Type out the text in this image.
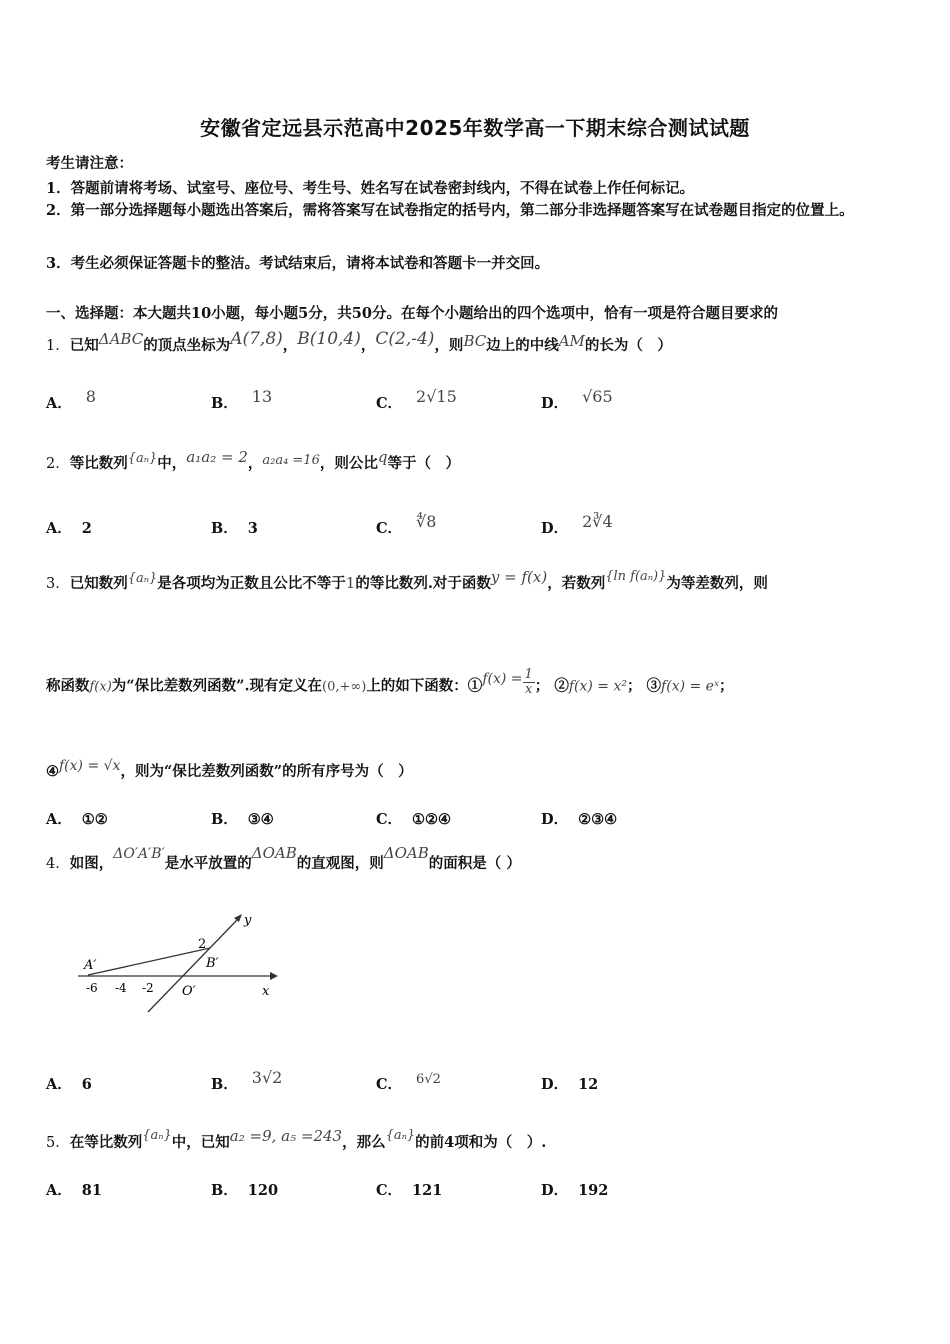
安徽省定远县示范高中2025年数学高一下期末综合测试试题
考生请注意：
1．答题前请将考场、试室号、座位号、考生号、姓名写在试卷密封线内，不得在试卷上作任何标记。
2．第一部分选择题每小题选出答案后，需将答案写在试卷指定的括号内，第二部分非选择题答案写在试卷题目指定的位置上。
3．考生必须保证答题卡的整洁。考试结束后，请将本试卷和答题卡一并交回。
一、选择题：本大题共10小题，每小题5分，共50分。在每个小题给出的四个选项中，恰有一项是符合题目要求的
1．已知ΔABC的顶点坐标为A(7,8)，B(10,4)，C(2,-4)，则BC边上的中线AM的长为（　）
A． 8	B． 13	C． 2√15	D． √65
2．等比数列{aₙ}中，a₁a₂ = 2，a₂a₄ =16，则公比q等于（　）
A． 2	B． 3	C． ∜8	D． 2∛4
3．已知数列{aₙ}是各项均为正数且公比不等于1的等比数列.对于函数y = f(x)，若数列{ln f(aₙ)}为等差数列，则
称函数f(x)为“保比差数列函数”.现有定义在(0,+∞)上的如下函数：①f(x) = $\frac{1}{x}$ ； ②f(x) = x²； ③f(x) = eˣ；
④f(x) = √x，则为“保比差数列函数”的所有序号为（　）
A． ①②	B． ③④	C． ①②④	D． ②③④
4．如图，ΔO′A′B′是水平放置的ΔOAB的直观图，则ΔOAB的面积是（ ）
y
x
2
B′
A′
O′
-6 -4 -2
A． 6	B． 3√2	C． 6√2	D． 12
5．在等比数列{aₙ}中，已知a₂ =9, a₅ =243，那么{aₙ}的前4项和为（　）.
A． 81	B． 120	C． 121	D． 192
